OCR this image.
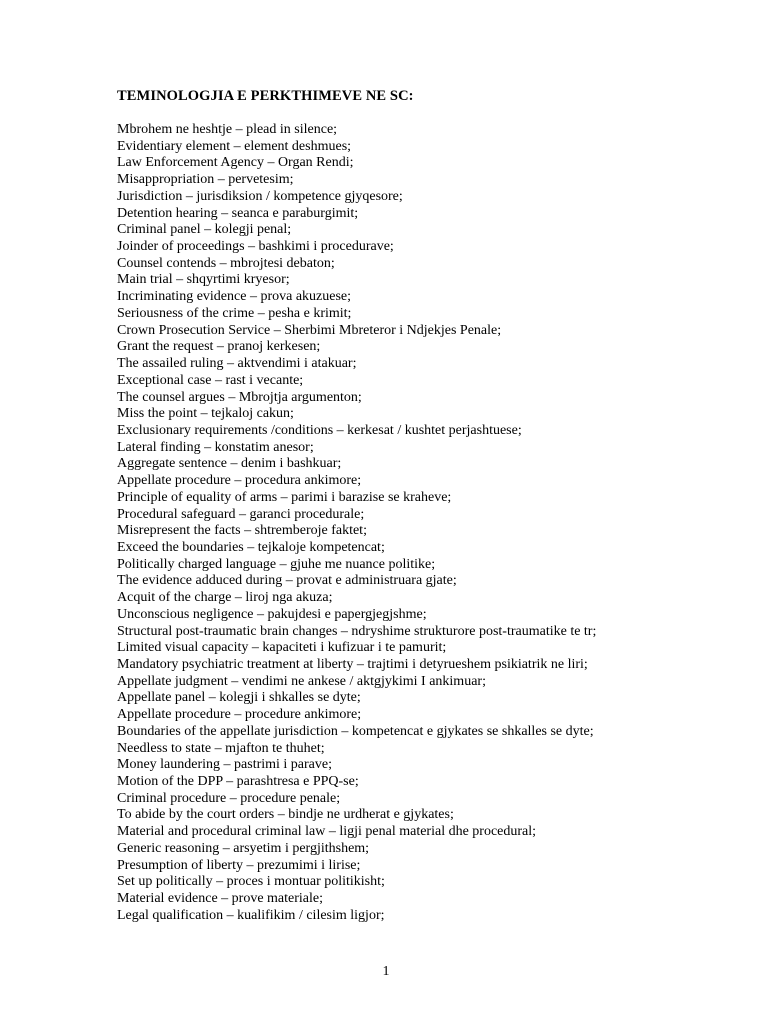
TEMINOLOGJIA E PERKTHIMEVE NE SC:
Mbrohem ne heshtje – plead in silence;
Evidentiary element – element deshmues;
Law Enforcement Agency – Organ Rendi;
Misappropriation – pervetesim;
Jurisdiction – jurisdiksion / kompetence gjyqesore;
Detention hearing – seanca e paraburgimit;
Criminal panel – kolegji penal;
Joinder of proceedings – bashkimi i procedurave;
Counsel contends – mbrojtesi debaton;
Main trial – shqyrtimi kryesor;
Incriminating evidence – prova akuzuese;
Seriousness of the crime – pesha e krimit;
Crown Prosecution Service – Sherbimi Mbreteror i Ndjekjes Penale;
Grant the request – pranoj kerkesen;
The assailed ruling – aktvendimi i atakuar;
Exceptional case – rast i vecante;
The counsel argues – Mbrojtja argumenton;
Miss the point – tejkaloj cakun;
Exclusionary requirements /conditions – kerkesat / kushtet perjashtuese;
Lateral finding – konstatim anesor;
Aggregate sentence – denim i bashkuar;
Appellate procedure – procedura ankimore;
Principle of equality of arms – parimi i barazise se kraheve;
Procedural safeguard – garanci procedurale;
Misrepresent the facts – shtremberoje faktet;
Exceed the boundaries – tejkaloje kompetencat;
Politically charged language – gjuhe me nuance politike;
The evidence adduced during – provat e administruara gjate;
Acquit of the charge – liroj nga akuza;
Unconscious negligence – pakujdesi e papergjegjshme;
Structural post-traumatic brain changes – ndryshime strukturore post-traumatike te tr;
Limited visual capacity – kapaciteti i kufizuar i te pamurit;
Mandatory psychiatric treatment at liberty – trajtimi i detyrueshem psikiatrik ne liri;
Appellate judgment – vendimi ne ankese / aktgjykimi I ankimuar;
Appellate panel – kolegji i shkalles se dyte;
Appellate procedure – procedure ankimore;
Boundaries of the appellate jurisdiction – kompetencat e gjykates se shkalles se dyte;
Needless to state – mjafton te thuhet;
Money laundering – pastrimi i parave;
Motion of the DPP – parashtresa e PPQ-se;
Criminal procedure – procedure penale;
To abide by the court orders – bindje ne urdherat e gjykates;
Material and procedural criminal law – ligji penal material dhe procedural;
Generic reasoning – arsyetim i pergjithshem;
Presumption of liberty – prezumimi i lirise;
Set up politically – proces i montuar politikisht;
Material evidence – prove materiale;
Legal qualification – kualifikim / cilesim ligjor;
1
